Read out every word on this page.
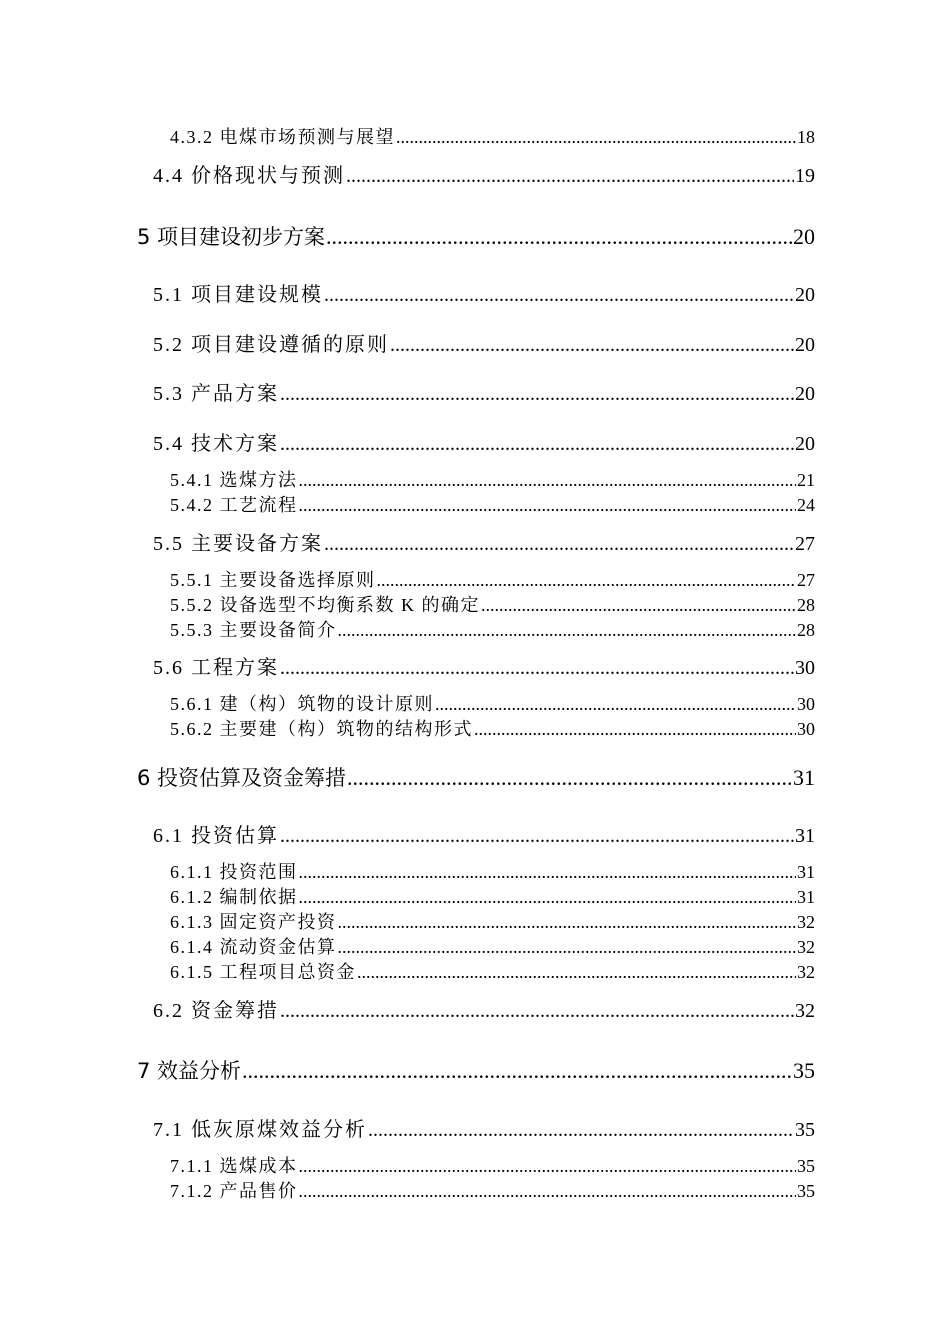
4.3.2 电煤市场预测与展望 .....	18
4.4 价格现状与预测 .....	19
5 项目建设初步方案 .....	20
5.1 项目建设规模 .....	20
5.2 项目建设遵循的原则 .....	20
5.3 产品方案 .....	20
5.4 技术方案 .....	20
5.4.1 选煤方法 .....	21
5.4.2 工艺流程 .....	24
5.5 主要设备方案 .....	27
5.5.1 主要设备选择原则 .....	27
5.5.2 设备选型不均衡系数 K 的确定 .....	28
5.5.3 主要设备简介 .....	28
5.6 工程方案 .....	30
5.6.1 建（构）筑物的设计原则 .....	30
5.6.2 主要建（构）筑物的结构形式 .....	30
6 投资估算及资金筹措 .....	31
6.1 投资估算 .....	31
6.1.1 投资范围 .....	31
6.1.2 编制依据 .....	31
6.1.3 固定资产投资 .....	32
6.1.4 流动资金估算 .....	32
6.1.5 工程项目总资金 .....	32
6.2 资金筹措 .....	32
7 效益分析 .....	35
7.1 低灰原煤效益分析 .....	35
7.1.1 选煤成本 .....	35
7.1.2 产品售价 .....	35
